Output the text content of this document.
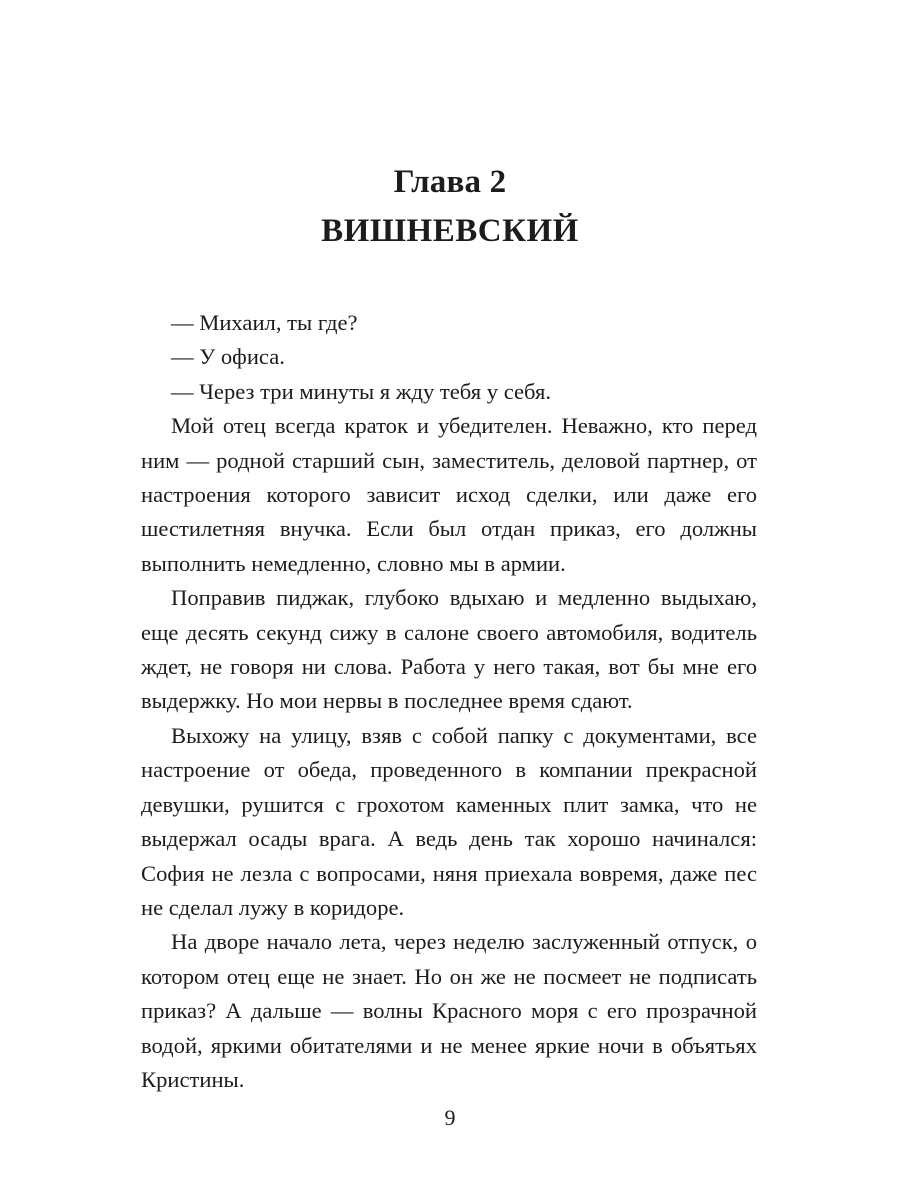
Глава 2
ВИШНЕВСКИЙ

— Михаил, ты где?

— У офиса.

— Через три минуты я жду тебя у себя.

Мой отец всегда краток и убедителен. Неважно, кто перед ним — родной старший сын, заместитель, деловой партнер, от настроения которого зависит исход сделки, или даже его шестилетняя внучка. Если был отдан приказ, его должны выполнить немедленно, словно мы в армии.

Поправив пиджак, глубоко вдыхаю и медленно выдыхаю, еще десять секунд сижу в салоне своего автомобиля, водитель ждет, не говоря ни слова. Работа у него такая, вот бы мне его выдержку. Но мои нервы в последнее время сдают.

Выхожу на улицу, взяв с собой папку с документами, все настроение от обеда, проведенного в компании прекрасной девушки, рушится с грохотом каменных плит замка, что не выдержал осады врага. А ведь день так хорошо начинался: София не лезла с вопросами, няня приехала вовремя, даже пес не сделал лужу в коридоре.

На дворе начало лета, через неделю заслуженный отпуск, о котором отец еще не знает. Но он же не посмеет не подписать приказ? А дальше — волны Красного моря с его прозрачной водой, яркими обитателями и не менее яркие ночи в объятьях Кристины.

9
